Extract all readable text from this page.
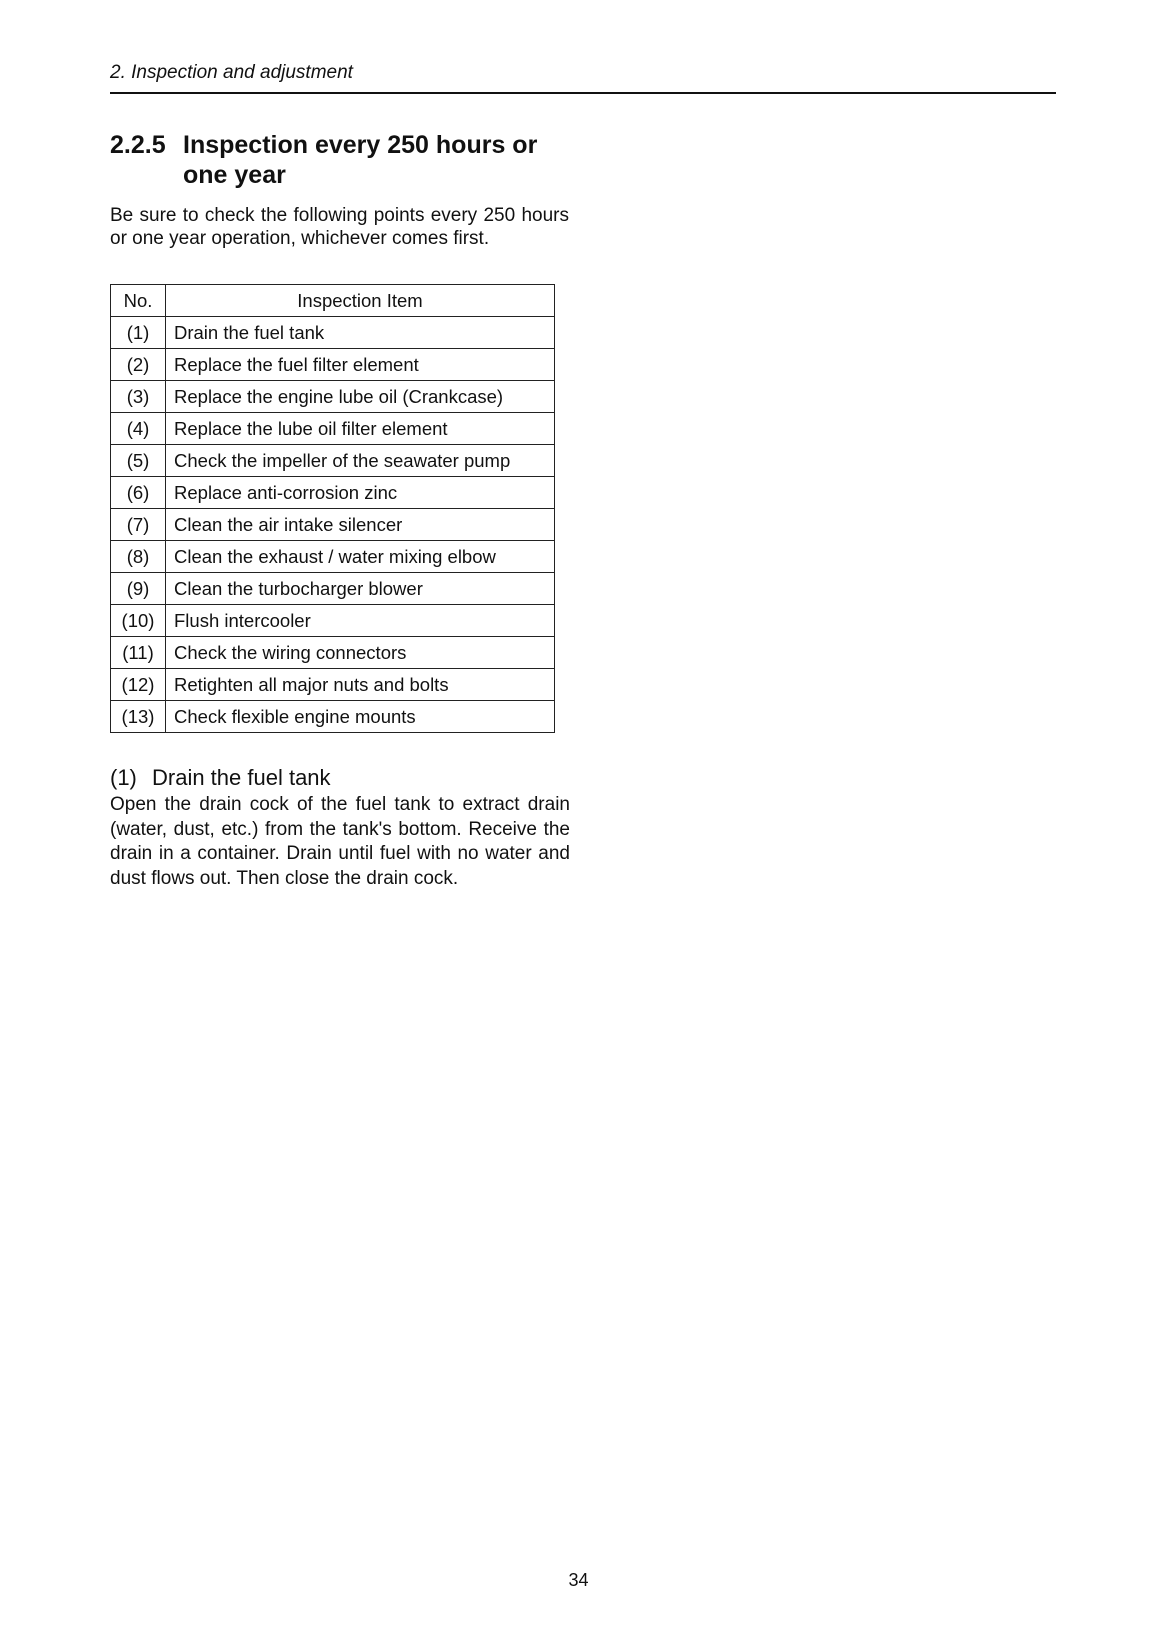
2. Inspection and adjustment
2.2.5 Inspection every 250 hours or one year
Be sure to check the following points every 250 hours or one year operation, whichever comes first.
No.	Inspection Item
(1)	Drain the fuel tank
(2)	Replace the fuel filter element
(3)	Replace the engine lube oil (Crankcase)
(4)	Replace the lube oil filter element
(5)	Check the impeller of the seawater pump
(6)	Replace anti-corrosion zinc
(7)	Clean the air intake silencer
(8)	Clean the exhaust / water mixing elbow
(9)	Clean the turbocharger blower
(10)	Flush intercooler
(11)	Check the wiring connectors
(12)	Retighten all major nuts and bolts
(13)	Check flexible engine mounts
(1) Drain the fuel tank
Open the drain cock of the fuel tank to extract drain (water, dust, etc.) from the tank's bottom. Receive the drain in a container. Drain until fuel with no water and dust flows out. Then close the drain cock.
34
